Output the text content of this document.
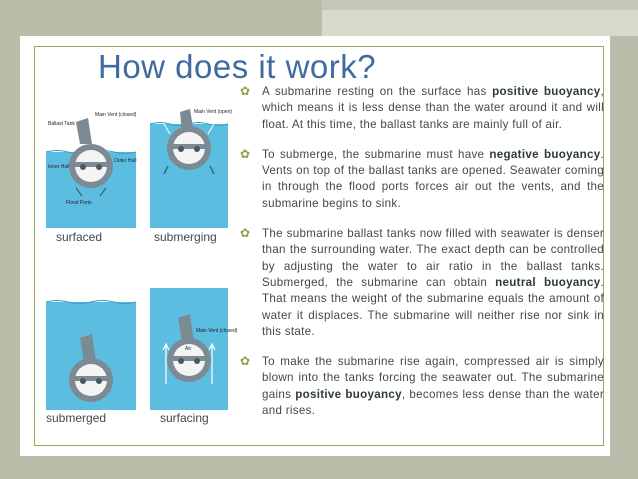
How does it work?
Main Vent (closed)
Ballast Tank
Inner Hull
Outer Hull
Flood Ports
surfaced
Main Vent (open)
submerging
submerged
Main Vent (closed)
Air
surfacing
✿ A submarine resting on the surface has positive buoyancy, which means it is less dense than the water around it and will float. At this time, the ballast tanks are mainly full of air.
✿ To submerge, the submarine must have negative buoyancy. Vents on top of the ballast tanks are opened. Seawater coming in through the flood ports forces air out the vents, and the submarine begins to sink.
✿ The submarine ballast tanks now filled with seawater is denser than the surrounding water. The exact depth can be controlled by adjusting the water to air ratio in the ballast tanks. Submerged, the submarine can obtain neutral buoyancy. That means the weight of the submarine equals the amount of water it displaces. The submarine will neither rise nor sink in this state.
✿ To make the submarine rise again, compressed air is simply blown into the tanks forcing the seawater out. The submarine gains positive buoyancy, becomes less dense than the water and rises.
